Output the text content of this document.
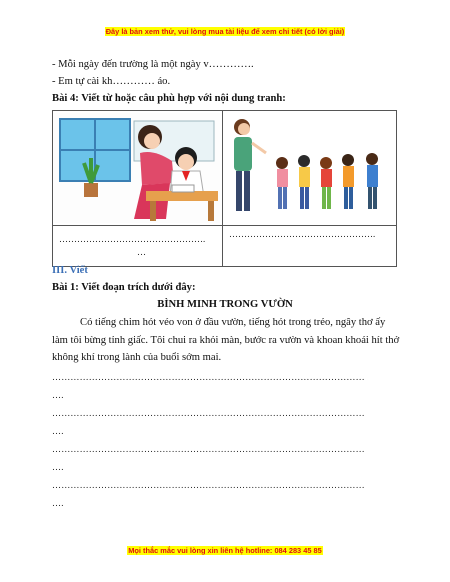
Đây là bản xem thử, vui lòng mua tài liệu để xem chi tiết (có lời giải)
- Mỗi ngày đến trường là một ngày v………….
- Em tự cài kh………… áo.
Bài 4: Viết từ hoặc câu phù hợp với nội dung tranh:

………………………………………….
…	………………………………………….
III. Viết
Bài 1: Viết đoạn trích dưới đây:
BÌNH MINH TRONG VƯỜN
Có tiếng chim hót véo von ở đầu vườn, tiếng hót trong trẻo, ngây thơ ấy làm tôi bừng tỉnh giấc. Tôi chui ra khỏi màn, bước ra vườn và khoan khoái hít thở không khí trong lành của buổi sớm mai.
…………………………………………………………………………………………
….
…………………………………………………………………………………………
….
…………………………………………………………………………………………
….
…………………………………………………………………………………………
….
Mọi thắc mắc vui lòng xin liên hệ hotline: 084 283 45 85
